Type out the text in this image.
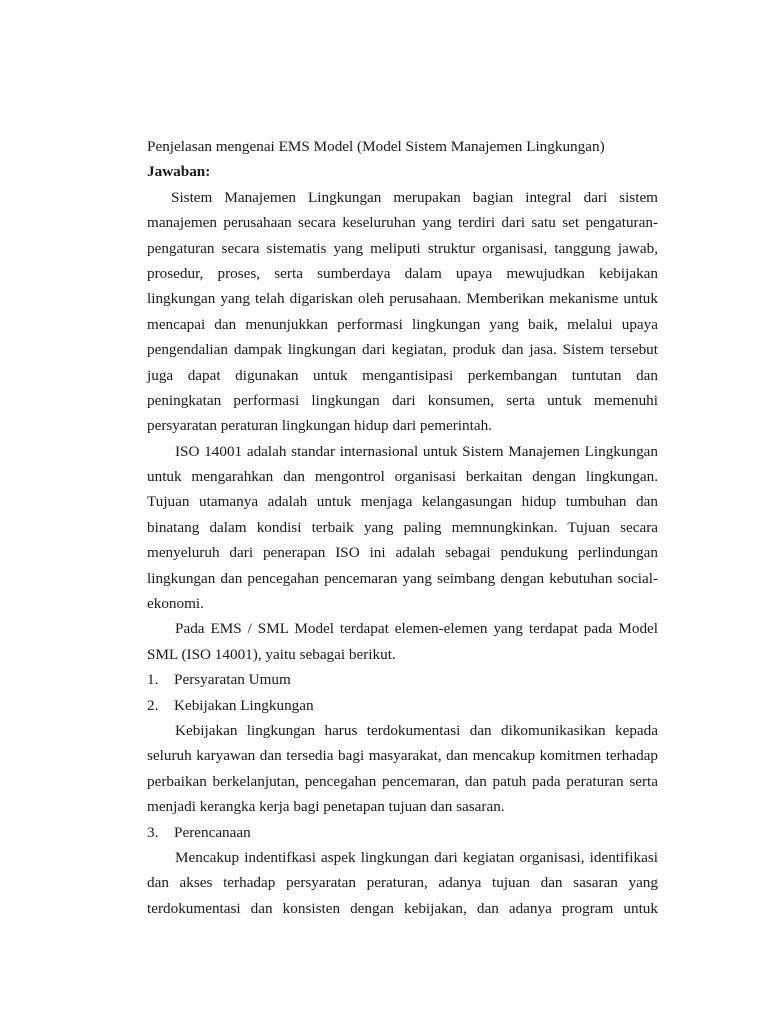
Penjelasan mengenai EMS Model (Model Sistem Manajemen Lingkungan)
Jawaban:
Sistem Manajemen Lingkungan merupakan bagian integral dari sistem
manajemen perusahaan secara keseluruhan yang terdiri dari satu set pengaturan-
pengaturan secara sistematis yang meliputi struktur organisasi, tanggung jawab,
prosedur, proses, serta sumberdaya dalam upaya mewujudkan kebijakan
lingkungan yang telah digariskan oleh perusahaan. Memberikan mekanisme untuk
mencapai dan menunjukkan performasi lingkungan yang baik, melalui upaya
pengendalian dampak lingkungan dari kegiatan, produk dan jasa. Sistem tersebut
juga dapat digunakan untuk mengantisipasi perkembangan tuntutan dan
peningkatan performasi lingkungan dari konsumen, serta untuk memenuhi
persyaratan peraturan lingkungan hidup dari pemerintah.
ISO 14001 adalah standar internasional untuk Sistem Manajemen Lingkungan
untuk mengarahkan dan mengontrol organisasi berkaitan dengan lingkungan.
Tujuan utamanya adalah untuk menjaga kelangasungan hidup tumbuhan dan
binatang dalam kondisi terbaik yang paling memnungkinkan. Tujuan secara
menyeluruh dari penerapan ISO ini adalah sebagai pendukung perlindungan
lingkungan dan pencegahan pencemaran yang seimbang dengan kebutuhan social-
ekonomi.
Pada EMS / SML Model terdapat elemen-elemen yang terdapat pada Model
SML (ISO 14001), yaitu sebagai berikut.
1. Persyaratan Umum
2. Kebijakan Lingkungan
Kebijakan lingkungan harus terdokumentasi dan dikomunikasikan kepada
seluruh karyawan dan tersedia bagi masyarakat, dan mencakup komitmen terhadap
perbaikan berkelanjutan, pencegahan pencemaran, dan patuh pada peraturan serta
menjadi kerangka kerja bagi penetapan tujuan dan sasaran.
3. Perencanaan
Mencakup indentifkasi aspek lingkungan dari kegiatan organisasi, identifikasi
dan akses terhadap persyaratan peraturan, adanya tujuan dan sasaran yang
terdokumentasi dan konsisten dengan kebijakan, dan adanya program untuk
